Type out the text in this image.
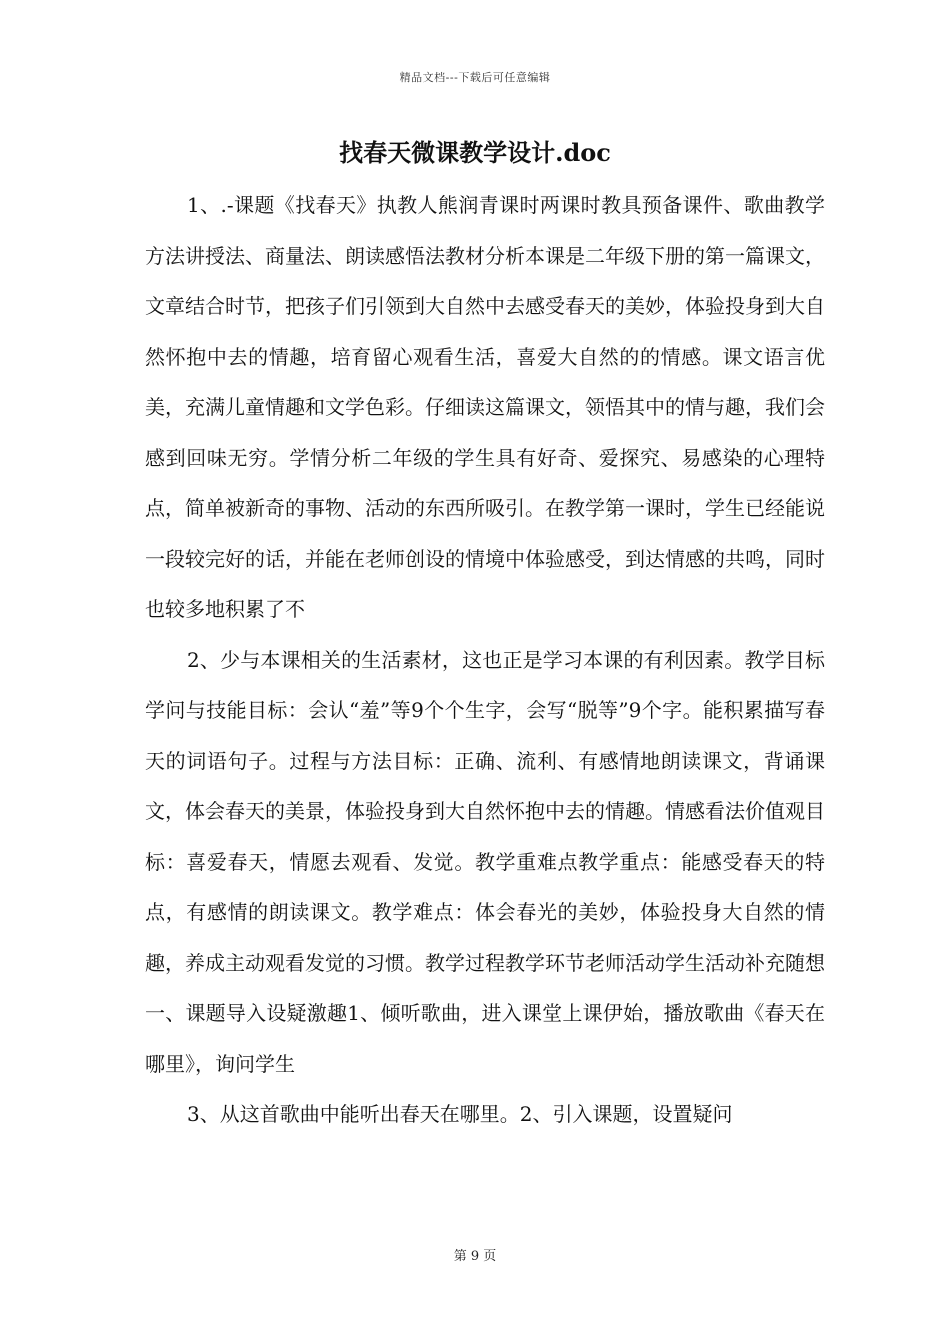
精品文档---下载后可任意编辑
找春天微课教学设计.doc

1、.-课题《找春天》执教人熊润青课时两课时教具预备课件、歌曲教学方法讲授法、商量法、朗读感悟法教材分析本课是二年级下册的第一篇课文，文章结合时节，把孩子们引领到大自然中去感受春天的美妙，体验投身到大自然怀抱中去的情趣，培育留心观看生活，喜爱大自然的的情感。课文语言优美，充满儿童情趣和文学色彩。仔细读这篇课文，领悟其中的情与趣，我们会感到回味无穷。学情分析二年级的学生具有好奇、爱探究、易感染的心理特点，简单被新奇的事物、活动的东西所吸引。在教学第一课时，学生已经能说一段较完好的话，并能在老师创设的情境中体验感受，到达情感的共鸣，同时也较多地积累了不

2、少与本课相关的生活素材，这也正是学习本课的有利因素。教学目标学问与技能目标：会认“羞”等9个个生字，会写“脱等”9个字。能积累描写春天的词语句子。过程与方法目标：正确、流利、有感情地朗读课文，背诵课文，体会春天的美景，体验投身到大自然怀抱中去的情趣。情感看法价值观目标：喜爱春天，情愿去观看、发觉。教学重难点教学重点：能感受春天的特点，有感情的朗读课文。教学难点：体会春光的美妙，体验投身大自然的情趣，养成主动观看发觉的习惯。教学过程教学环节老师活动学生活动补充随想一、课题导入设疑激趣1、倾听歌曲，进入课堂上课伊始，播放歌曲《春天在哪里》，询问学生

3、从这首歌曲中能听出春天在哪里。2、引入课题，设置疑问

第 9 页
